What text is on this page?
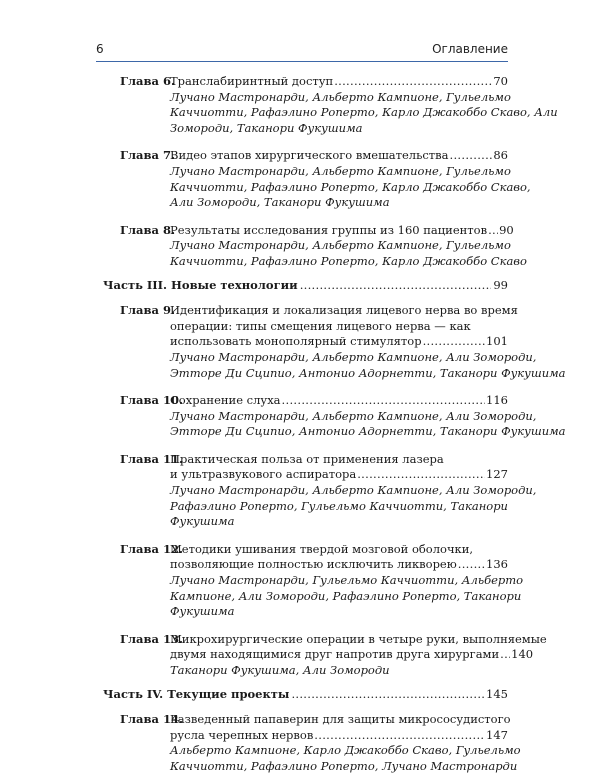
6	Оглавление
Глава 6.
Транслабиринтный доступ .....	70
Лучано Мастронарди, Альберто Кампионе, Гульельмо
Каччиотти, Рафаэлино Роперто, Карло Джакоббо Скаво, Али
Зомороди, Таканори Фукушима
Глава 7.
Видео этапов хирургического вмешательства .....	86
Лучано Мастронарди, Альберто Кампионе, Гульельмо
Каччиотти, Рафаэлино Роперто, Карло Джакоббо Скаво,
Али Зомороди, Таканори Фукушима
Глава 8.
Результаты исследования группы из 160 пациентов ..... 90
Лучано Мастронарди, Альберто Кампионе, Гульельмо
Каччиотти, Рафаэлино Роперто, Карло Джакоббо Скаво
Часть III. Новые технологии .....	99
Глава 9.
Идентификация и локализация лицевого нерва во время
операции: типы смещения лицевого нерва — как
использовать монополярный стимулятор .....	101
Лучано Мастронарди, Альберто Кампионе, Али Зомороди,
Этторе Ди Сципио, Антонио Адорнетти, Таканори Фукушима
Глава 10.
Сохранение слуха .....	116
Лучано Мастронарди, Альберто Кампионе, Али Зомороди,
Этторе Ди Сципио, Антонио Адорнетти, Таканори Фукушима
Глава 11.
Практическая польза от применения лазера
и ультразвукового аспиратора .....	127
Лучано Мастронарди, Альберто Кампионе, Али Зомороди,
Рафаэлино Роперто, Гульельмо Каччиотти, Таканори
Фукушима
Глава 12.
Методики ушивания твердой мозговой оболочки,
позволяющие полностью исключить ликворею .....	136
Лучано Мастронарди, Гульельмо Каччиотти, Альберто
Кампионе, Али Зомороди, Рафаэлино Роперто, Таканори
Фукушима
Глава 13.
Микрохирургические операции в четыре руки, выполняемые
двумя находящимися друг напротив друга хирургами ..... 140
Таканори Фукушима, Али Зомороди
Часть IV. Текущие проекты .....	145
Глава 14.
Разведенный папаверин для защиты микрососудистого
русла черепных нервов .....	147
Альберто Кампионе, Карло Джакоббо Скаво, Гульельмо
Каччиотти, Рафаэлино Роперто, Лучано Мастронарди
